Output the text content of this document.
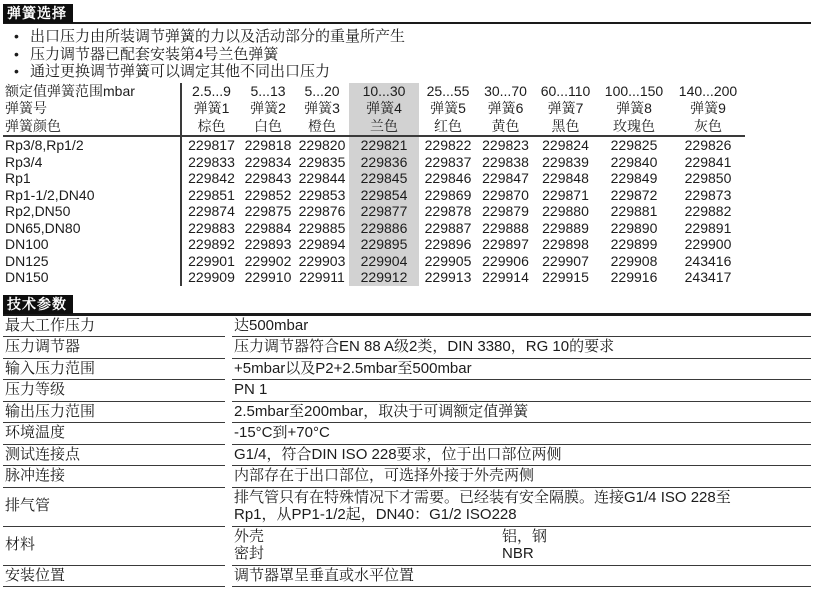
弹簧选择
• 出口压力由所装调节弹簧的力以及活动部分的重量所产生
• 压力调节器已配套安装第4号兰色弹簧
• 通过更换调节弹簧可以调定其他不同出口压力
额定值弹簧范围mbar	2.5...9	5...13	5...20	10...30	25...55	30...70	60...110	100...150	140...200
弹簧号	弹簧1	弹簧2	弹簧3	弹簧4	弹簧5	弹簧6	弹簧7	弹簧8	弹簧9
弹簧颜色	棕色	白色	橙色	兰色	红色	黄色	黑色	玫瑰色	灰色
Rp3/8,Rp1/2	229817	229818	229820	229821	229822	229823	229824	229825	229826
Rp3/4	229833	229834	229835	229836	229837	229838	229839	229840	229841
Rp1	229842	229843	229844	229845	229846	229847	229848	229849	229850
Rp1-1/2,DN40	229851	229852	229853	229854	229869	229870	229871	229872	229873
Rp2,DN50	229874	229875	229876	229877	229878	229879	229880	229881	229882
DN65,DN80	229883	229884	229885	229886	229887	229888	229889	229890	229891
DN100	229892	229893	229894	229895	229896	229897	229898	229899	229900
DN125	229901	229902	229903	229904	229905	229906	229907	229908	243416
DN150	229909	229910	229911	229912	229913	229914	229915	229916	243417
技术参数
最大工作压力		达500mbar
压力调节器		压力调节器符合EN 88 A级2类，DIN 3380，RG 10的要求
输入压力范围		+5mbar以及P2+2.5mbar至500mbar
压力等级		PN 1
输出压力范围		2.5mbar至200mbar，取决于可调额定值弹簧
环境温度		-15°C到+70°C
测试连接点		G1/4，符合DIN ISO 228要求，位于出口部位两侧
脉冲连接		内部存在于出口部位，可选择外接于外壳两侧
排气管		排气管只有在特殊情况下才需要。已经装有安全隔膜。连接G1/4 ISO 228至
Rp1，从PP1-1/2起，DN40：G1/2 ISO228

材料		外壳 铝，钢
密封 NBR

安装位置		调节器罩呈垂直或水平位置
